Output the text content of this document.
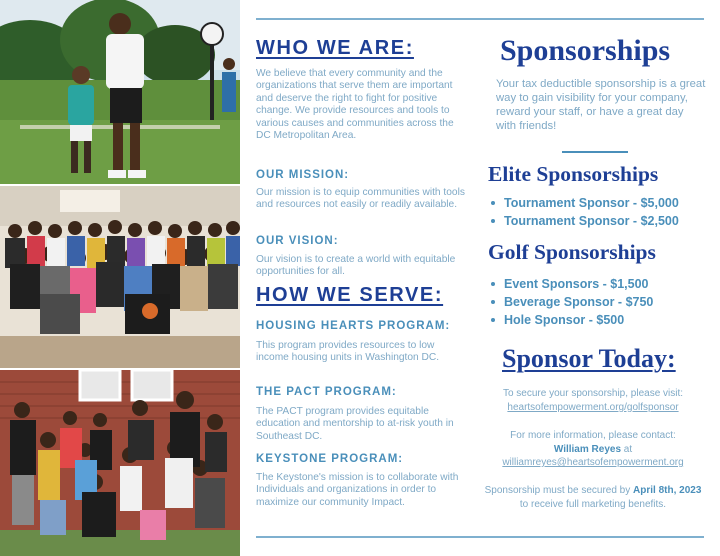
WHO WE ARE:

We believe that every community and the organizations that serve them are important and deserve the right to fight for positive change. We provide resources and tools to various causes and communities across the DC Metropolitan Area.

OUR MISSION:

Our mission is to equip communities with tools and resources not easily or readily available.

OUR VISION:

Our vision is to create a world with equitable opportunities for all.

HOW WE SERVE:
HOUSING HEARTS PROGRAM:

This program provides resources to low income housing units in Washington DC.

THE PACT PROGRAM:

The PACT program provides equitable education and mentorship to at-risk youth in Southeast DC.

KEYSTONE PROGRAM:

The Keystone's mission is to collaborate with Individuals and organizations in order to maximize our community Impact.

Sponsorships

Your tax deductible sponsorship is a great way to gain visibility for your company, reward your staff, or have a great day with friends!

Elite Sponsorships
Tournament Sponsor - $5,000
Tournament Sponsor - $2,500
Golf Sponsorships
Event Sponsors - $1,500
Beverage Sponsor - $750
Hole Sponsor - $500
Sponsor Today:
To secure your sponsorship, please visit:
heartsofempowerment.org/golfsponsor
For more information, please contact:
William Reyes at
williamreyes@heartsofempowerment.org
Sponsorship must be secured by April 8th, 2023 to receive full marketing benefits.
